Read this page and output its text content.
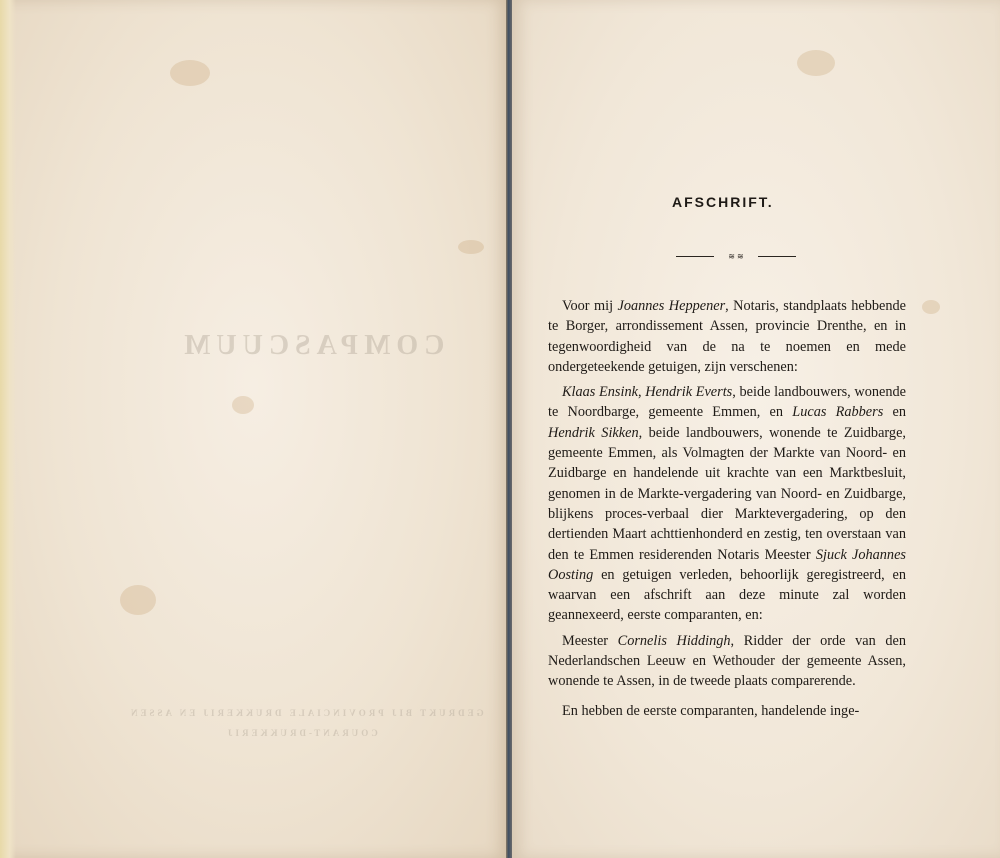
COMPASCUUM
GEDRUKT BIJ PROVINCIALE DRUKKERIJ EN ASSEN
COURANT-DRUKKERIJ
AFSCHRIFT.
≋ ≋

Voor mij Joannes Heppener, Notaris, standplaats hebbende te Borger, arrondissement Assen, provincie Drenthe, en in tegenwoordigheid van de na te noemen en mede ondergeteekende getuigen, zijn verschenen:

Klaas Ensink, Hendrik Everts, beide landbouwers, wonende te Noordbarge, gemeente Emmen, en Lucas Rabbers en Hendrik Sikken, beide landbouwers, wonende te Zuidbarge, gemeente Emmen, als Volmagten der Markte van Noord- en Zuidbarge en handelende uit krachte van een Marktbesluit, genomen in de Markte-vergadering van Noord- en Zuidbarge, blijkens proces-verbaal dier Marktevergadering, op den dertienden Maart achttienhonderd en zestig, ten overstaan van den te Emmen residerenden Notaris Meester Sjuck Johannes Oosting en getuigen verleden, behoorlijk geregistreerd, en waarvan een afschrift aan deze minute zal worden geannexeerd, eerste comparanten, en:

Meester Cornelis Hiddingh, Ridder der orde van den Nederlandschen Leeuw en Wethouder der gemeente Assen, wonende te Assen, in de tweede plaats comparerende.

En hebben de eerste comparanten, handelende inge-
